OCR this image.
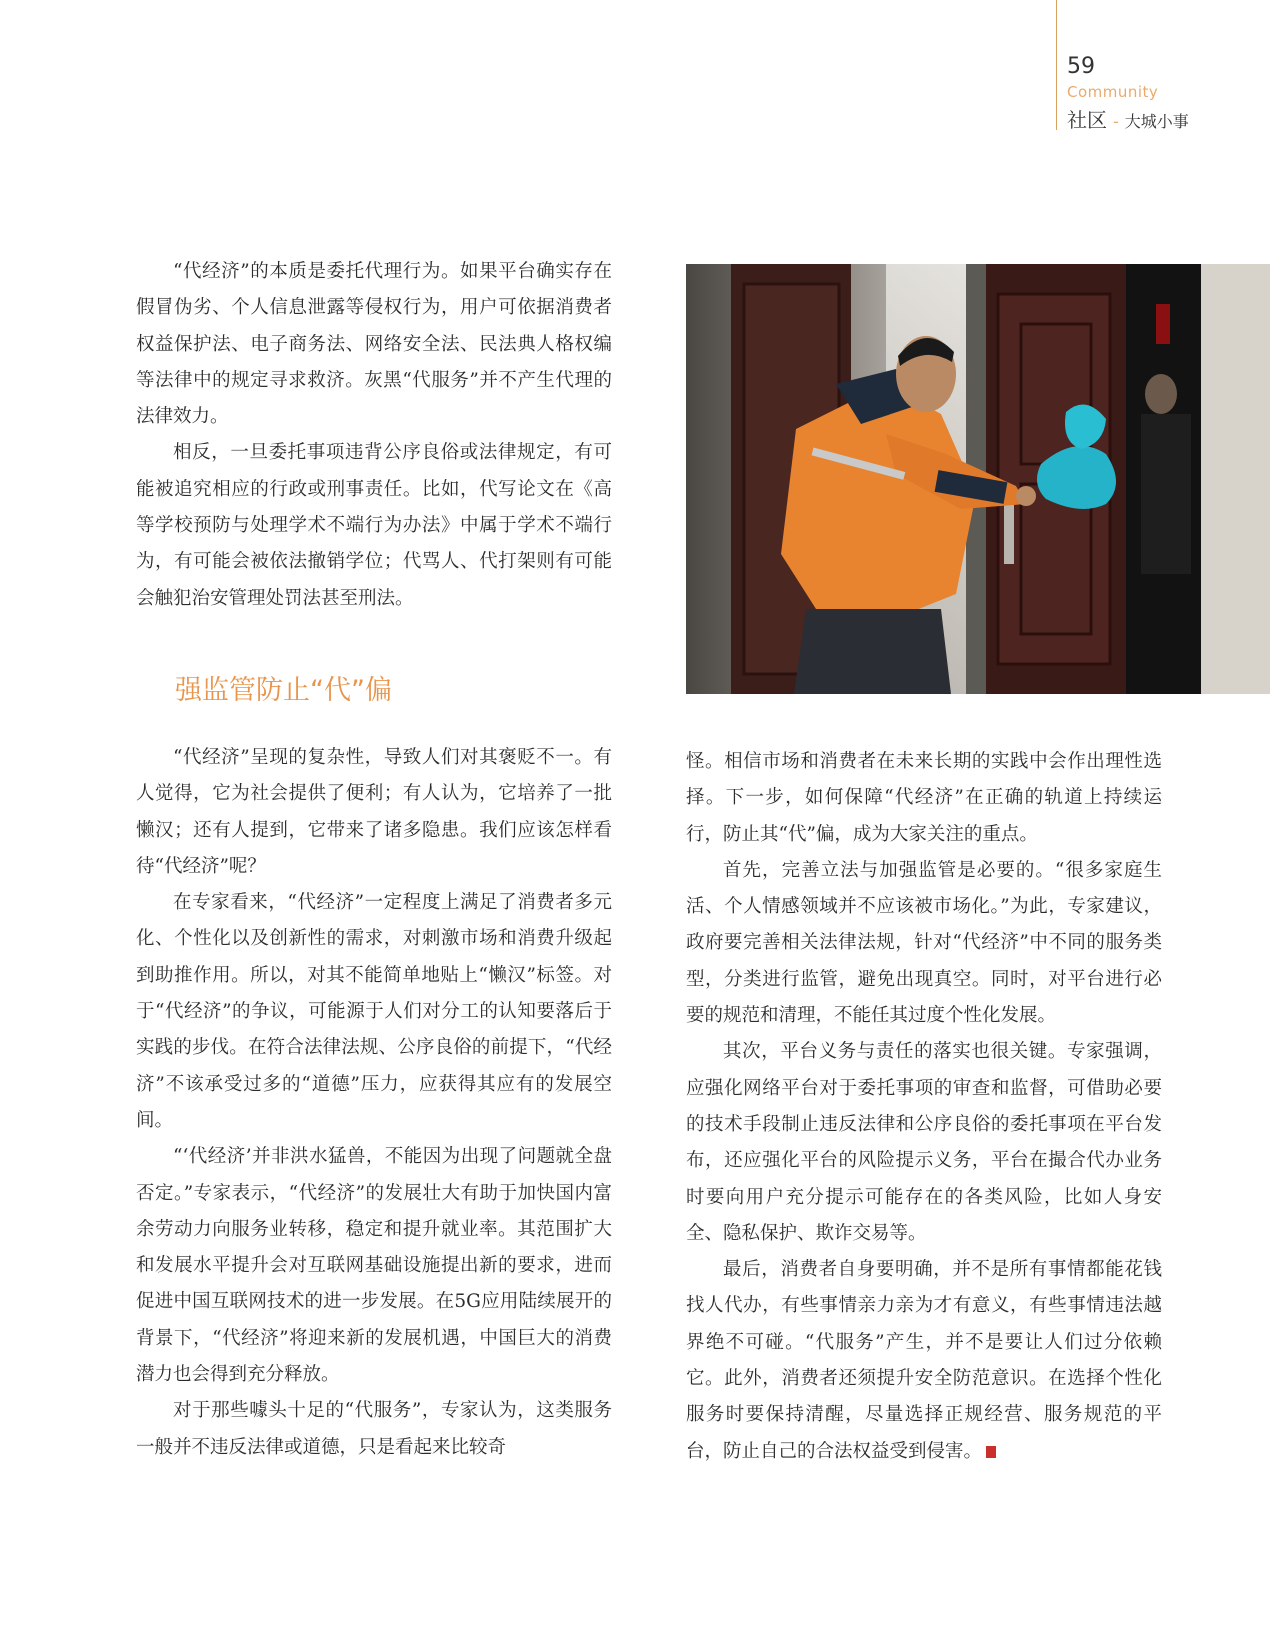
59
Community
社区 - 大城小事

“代经济”的本质是委托代理行为。如果平台确实存在假冒伪劣、个人信息泄露等侵权行为，用户可依据消费者权益保护法、电子商务法、网络安全法、民法典人格权编等法律中的规定寻求救济。灰黑“代服务”并不产生代理的法律效力。

相反，一旦委托事项违背公序良俗或法律规定，有可能被追究相应的行政或刑事责任。比如，代写论文在《高等学校预防与处理学术不端行为办法》中属于学术不端行为，有可能会被依法撤销学位；代骂人、代打架则有可能会触犯治安管理处罚法甚至刑法。

强监管防止“代”偏

“代经济”呈现的复杂性，导致人们对其褒贬不一。有人觉得，它为社会提供了便利；有人认为，它培养了一批懒汉；还有人提到，它带来了诸多隐患。我们应该怎样看待“代经济”呢？

在专家看来，“代经济”一定程度上满足了消费者多元化、个性化以及创新性的需求，对刺激市场和消费升级起到助推作用。所以，对其不能简单地贴上“懒汉”标签。对于“代经济”的争议，可能源于人们对分工的认知要落后于实践的步伐。在符合法律法规、公序良俗的前提下，“代经济”不该承受过多的“道德”压力，应获得其应有的发展空间。

“‘代经济’并非洪水猛兽，不能因为出现了问题就全盘否定。”专家表示，“代经济”的发展壮大有助于加快国内富余劳动力向服务业转移，稳定和提升就业率。其范围扩大和发展水平提升会对互联网基础设施提出新的要求，进而促进中国互联网技术的进一步发展。在5G应用陆续展开的背景下，“代经济”将迎来新的发展机遇，中国巨大的消费潜力也会得到充分释放。

对于那些噱头十足的“代服务”，专家认为，这类服务一般并不违反法律或道德，只是看起来比较奇

怪。相信市场和消费者在未来长期的实践中会作出理性选择。下一步，如何保障“代经济”在正确的轨道上持续运行，防止其“代”偏，成为大家关注的重点。

首先，完善立法与加强监管是必要的。“很多家庭生活、个人情感领域并不应该被市场化。”为此，专家建议，政府要完善相关法律法规，针对“代经济”中不同的服务类型，分类进行监管，避免出现真空。同时，对平台进行必要的规范和清理，不能任其过度个性化发展。

其次，平台义务与责任的落实也很关键。专家强调，应强化网络平台对于委托事项的审查和监督，可借助必要的技术手段制止违反法律和公序良俗的委托事项在平台发布，还应强化平台的风险提示义务，平台在撮合代办业务时要向用户充分提示可能存在的各类风险，比如人身安全、隐私保护、欺诈交易等。

最后，消费者自身要明确，并不是所有事情都能花钱找人代办，有些事情亲力亲为才有意义，有些事情违法越界绝不可碰。“代服务”产生，并不是要让人们过分依赖它。此外，消费者还须提升安全防范意识。在选择个性化服务时要保持清醒，尽量选择正规经营、服务规范的平台，防止自己的合法权益受到侵害。
